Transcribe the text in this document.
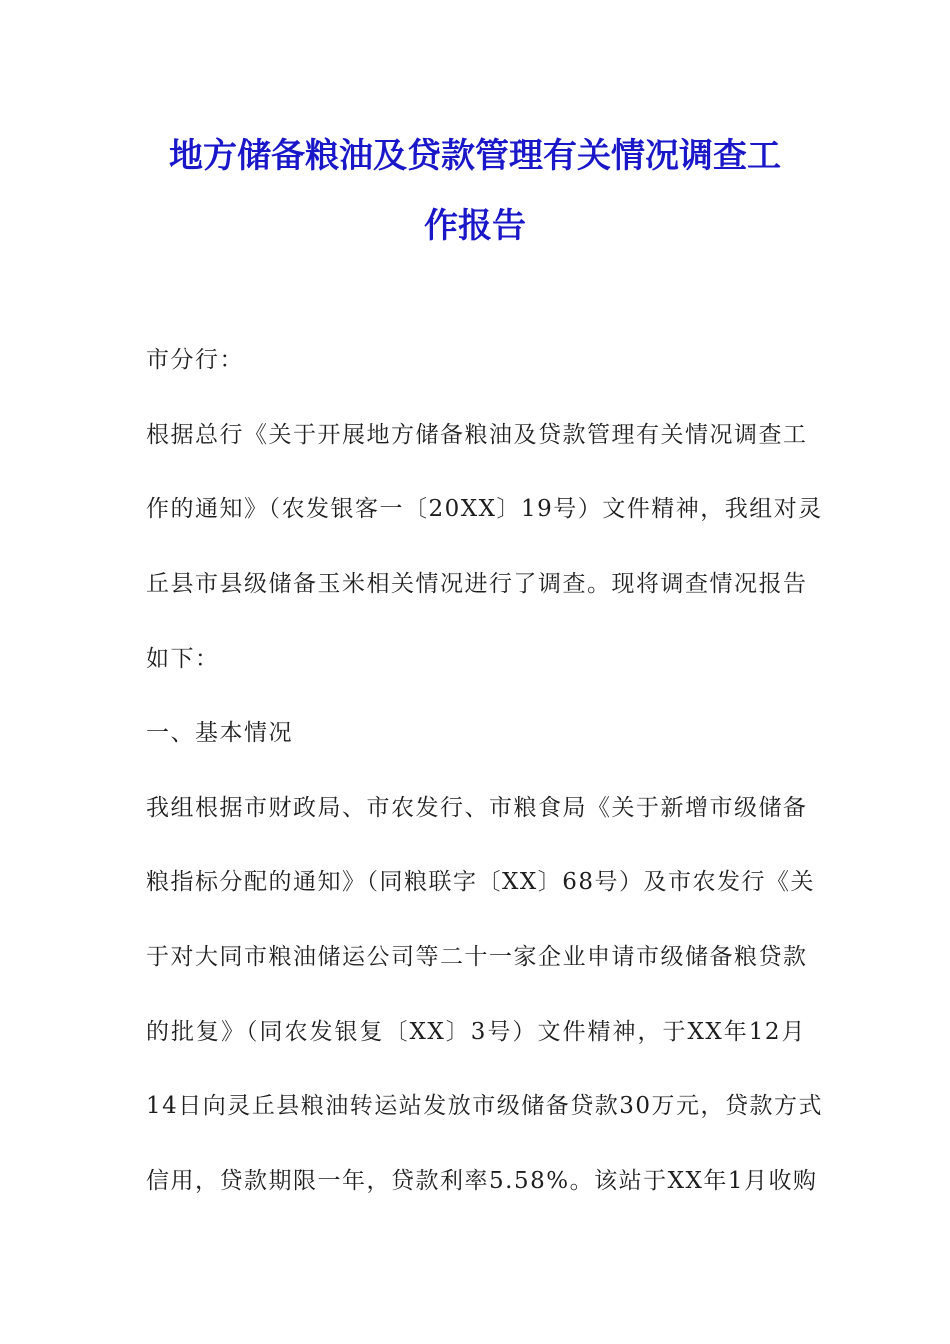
地方储备粮油及贷款管理有关情况调查工
作报告
市分行：
根据总行《关于开展地方储备粮油及贷款管理有关情况调查工
作的通知》（农发银客一〔20XX〕19号）文件精神，我组对灵
丘县市县级储备玉米相关情况进行了调查。现将调查情况报告
如下：
一、基本情况
我组根据市财政局、市农发行、市粮食局《关于新增市级储备
粮指标分配的通知》（同粮联字〔XX〕68号）及市农发行《关
于对大同市粮油储运公司等二十一家企业申请市级储备粮贷款
的批复》（同农发银复〔XX〕3号）文件精神，于XX年12月
14日向灵丘县粮油转运站发放市级储备贷款30万元，贷款方式
信用，贷款期限一年，贷款利率5.58%。该站于XX年1月收购
